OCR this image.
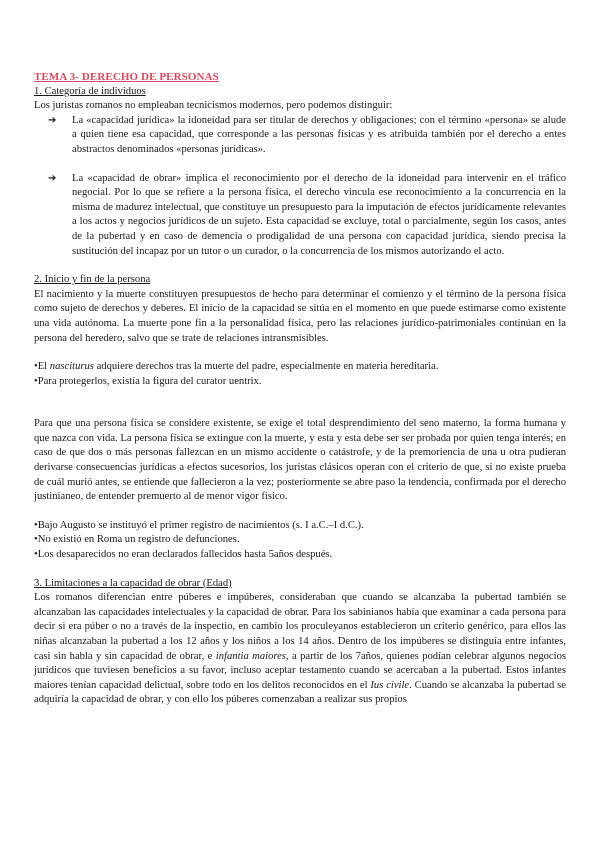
TEMA 3- DERECHO DE PERSONAS
1. Categoría de individuos

Los juristas romanos no empleaban tecnicismos modernos, pero podemos distinguir:

➔ La «capacidad jurídica» la idoneidad para ser titular de derechos y obligaciones; con el término «persona» se alude a quien tiene esa capacidad, que corresponde a las personas físicas y es atribuida también por el derecho a entes abstractos denominados «personas jurídicas».
➔ La «capacidad de obrar» implica el reconocimiento por el derecho de la idoneidad para intervenir en el tráfico negocial. Por lo que se refiere a la persona física, el derecho vincula ese reconocimiento a la concurrencia en la misma de madurez intelectual, que constituye un presupuesto para la imputación de efectos jurídicamente relevantes a los actos y negocios jurídicos de un sujeto. Esta capacidad se excluye, total o parcialmente, según los casos, antes de la pubertad y en caso de demencia o prodigalidad de una persona con capacidad jurídica, siendo precisa la sustitución del incapaz por un tutor o un curador, o la concurrencia de los mismos autorizando el acto.
2. Inicio y fin de la persona

El nacimiento y la muerte constituyen presupuestos de hecho para determinar el comienzo y el término de la persona física como sujeto de derechos y deberes. El inicio de la capacidad se sitúa en el momento en que puede estimarse como existente una vida autónoma. La muerte pone fin a la personalidad física, pero las relaciones jurídico-patrimoniales continúan en la persona del heredero, salvo que se trate de relaciones intransmisibles.

•El nasciturus adquiere derechos tras la muerte del padre, especialmente en materia hereditaria.

•Para protegerlos, existía la figura del curator uentrix.

Para que una persona física se considere existente, se exige el total desprendimiento del seno materno, la forma humana y que nazca con vida. La persona física se extingue con la muerte, y esta y esta debe ser ser probada por quien tenga interés; en caso de que dos o más personas fallezcan en un mismo accidente o catástrofe, y de la premoriencia de una u otra pudieran derivarse consecuencias jurídicas a efectos sucesorios, los juristas clásicos operan con el criterio de que, si no existe prueba de cuál murió antes, se entiende que fallecieron a la vez; posteriormente se abre paso la tendencia, confirmada por el derecho justinianeo, de entender premuerto al de menor vigor físico.

•Bajo Augusto se instituyó el primer registro de nacimientos (s. I a.C.–I d.C.).

•No existió en Roma un registro de defunciones.

•Los desaparecidos no eran declarados fallecidos hasta 5años después.

3. Limitaciones a la capacidad de obrar (Edad)

Los romanos diferencian entre púberes e impúberes, consideraban que cuando se alcanzaba la pubertad también se alcanzaban las capacidades intelectuales y la capacidad de obrar. Para los sabinianos había que examinar a cada persona para decir si era púber o no a través de la inspectio, en cambio los proculeyanos establecieron un criterio genérico, para ellos las niñas alcanzaban la pubertad a los 12 años y los niños a los 14 años. Dentro de los impúberes se distinguía entre infantes, casi sin habla y sin capacidad de obrar, e infantia maiores, a partir de los 7años, quienes podían celebrar algunos negocios jurídicos que tuviesen beneficios a su favor, incluso aceptar testamento cuando se acercaban a la pubertad. Estos infantes maiores tenían capacidad delictual, sobre todo en los delitos reconocidos en el Ius civile. Cuando se alcanzaba la pubertad se adquiría la capacidad de obrar, y con ello los púberes comenzaban a realizar sus propios
